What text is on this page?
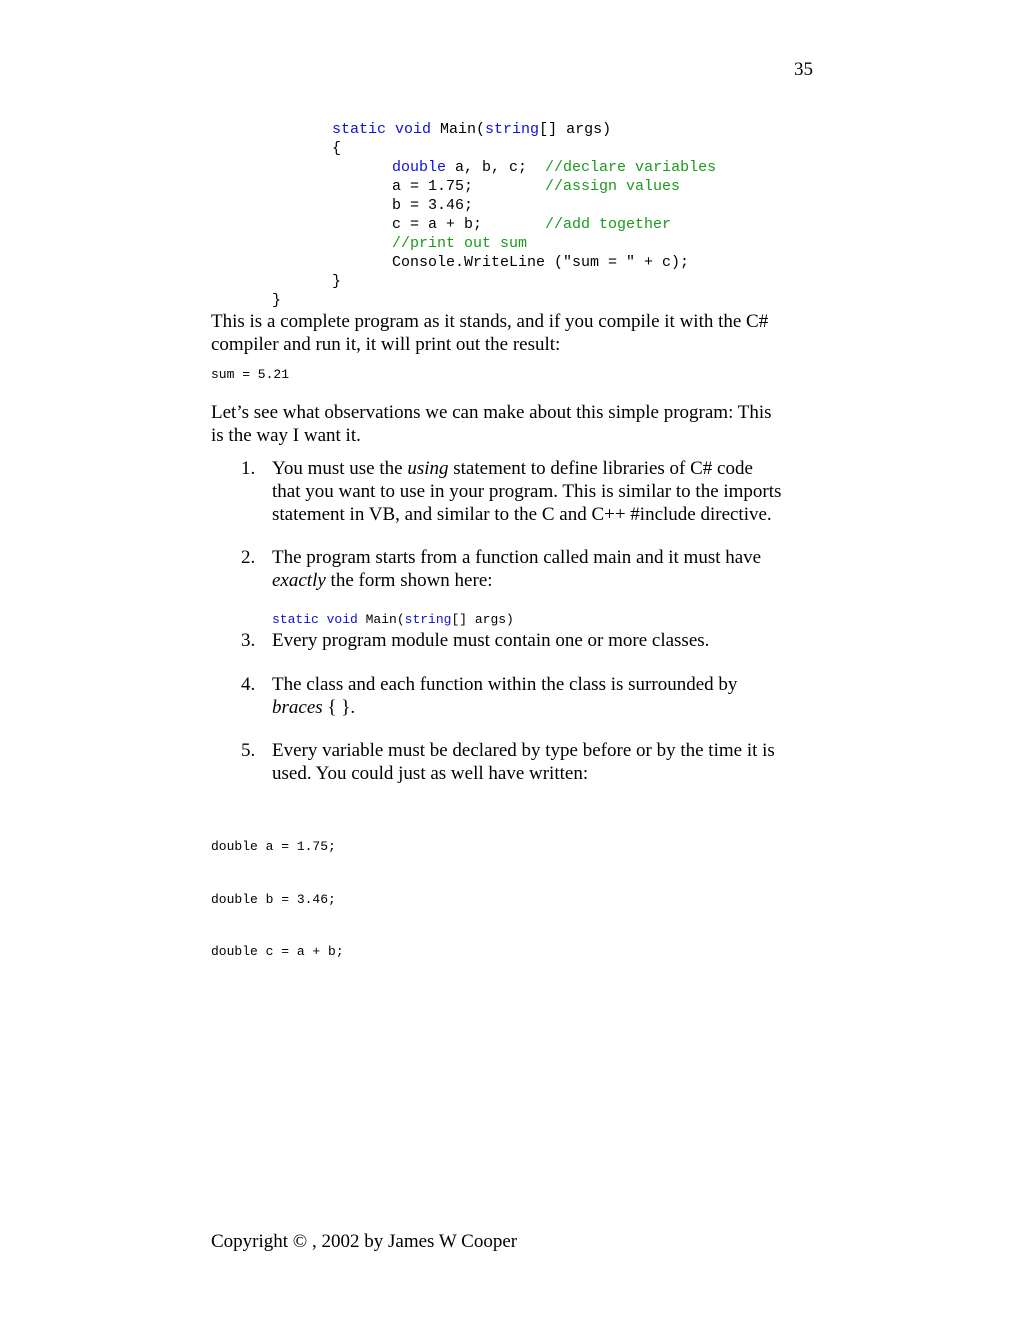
35
static void Main(string[] args)
{
double a, b, c;  //declare variables
a = 1.75;        //assign values
b = 3.46;
c = a + b;       //add together
//print out sum
Console.WriteLine ("sum = " + c);
}
}
This is a complete program as it stands, and if you compile it with the C#
compiler and run it, it will print out the result:
sum = 5.21
Let’s see what observations we can make about this simple program: This
is the way I want it.
1. You must use the using statement to define libraries of C# code
that you want to use in your program. This is similar to the imports
statement in VB, and similar to the C and C++ #include directive.
2. The program starts from a function called main and it must have
exactly the form shown here:
static void Main(string[] args)
3. Every program module must contain one or more classes.
4. The class and each function within the class is surrounded by
braces { }.
5. Every variable must be declared by type before or by the time it is
used. You could just as well have written:

double a = 1.75;

double b = 3.46;

double c = a + b;

Copyright © , 2002 by James W Cooper
